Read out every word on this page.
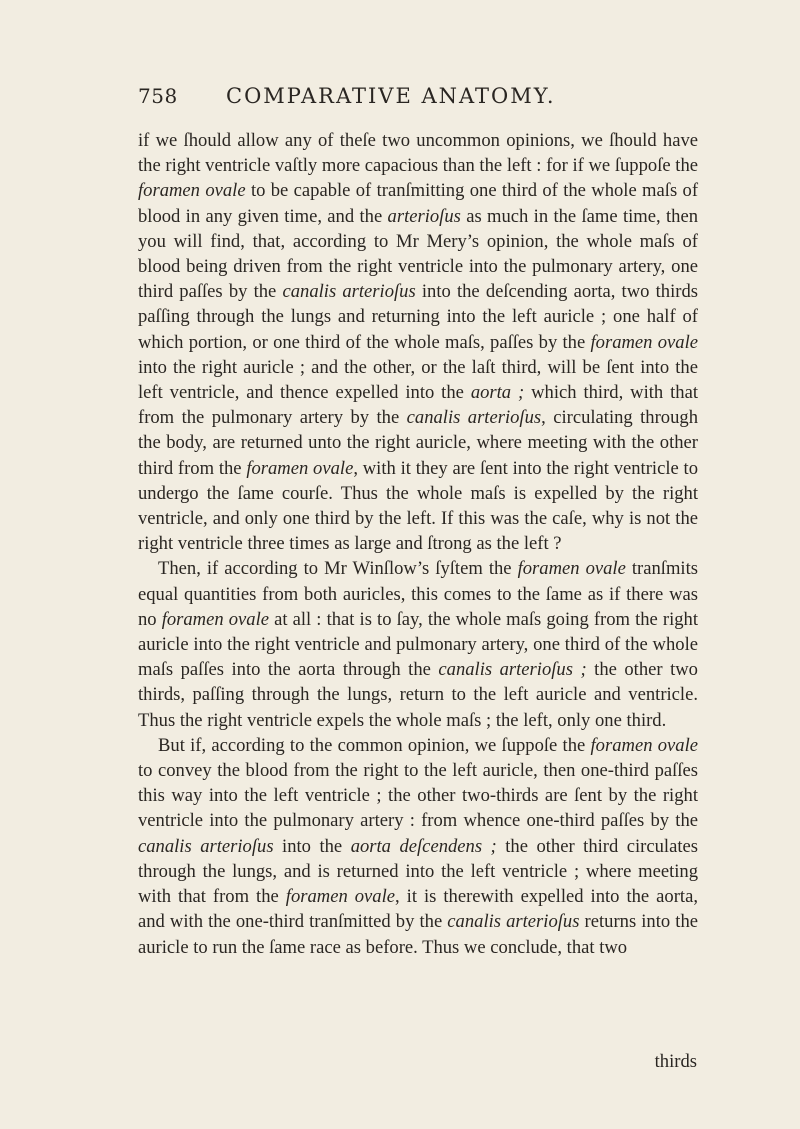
758 COMPARATIVE ANATOMY.

if we ſhould allow any of theſe two uncommon opinions, we ſhould have the right ventricle vaſtly more capacious than the left : for if we ſuppoſe the foramen ovale to be capable of tranſmitting one third of the whole maſs of blood in any given time, and the arterioſus as much in the ſame time, then you will find, that, according to Mr Mery’s opinion, the whole maſs of blood being driven from the right ventricle into the pulmonary artery, one third paſſes by the canalis arterioſus into the deſcending aorta, two thirds paſſing through the lungs and returning into the left auricle ; one half of which portion, or one third of the whole maſs, paſſes by the foramen ovale into the right auricle ; and the other, or the laſt third, will be ſent into the left ventricle, and thence expelled into the aorta ; which third, with that from the pulmonary artery by the canalis arterioſus, circulating through the body, are returned unto the right auricle, where meeting with the other third from the foramen ovale, with it they are ſent into the right ventricle to undergo the ſame courſe. Thus the whole maſs is expelled by the right ventricle, and only one third by the left. If this was the caſe, why is not the right ventricle three times as large and ſtrong as the left ?

Then, if according to Mr Winſlow’s ſyſtem the foramen ovale tranſmits equal quantities from both auricles, this comes to the ſame as if there was no foramen ovale at all : that is to ſay, the whole maſs going from the right auricle into the right ventricle and pulmonary artery, one third of the whole maſs paſſes into the aorta through the canalis arterioſus ; the other two thirds, paſſing through the lungs, return to the left auricle and ventricle. Thus the right ventricle expels the whole maſs ; the left, only one third.

But if, according to the common opinion, we ſuppoſe the foramen ovale to convey the blood from the right to the left auricle, then one-third paſſes this way into the left ventricle ; the other two-thirds are ſent by the right ventricle into the pulmonary artery : from whence one-third paſſes by the canalis arterioſus into the aorta deſcendens ; the other third circulates through the lungs, and is returned into the left ventricle ; where meeting with that from the foramen ovale, it is therewith expelled into the aorta, and with the one-third tranſmitted by the canalis arterioſus returns into the auricle to run the ſame race as before. Thus we conclude, that two

thirds
